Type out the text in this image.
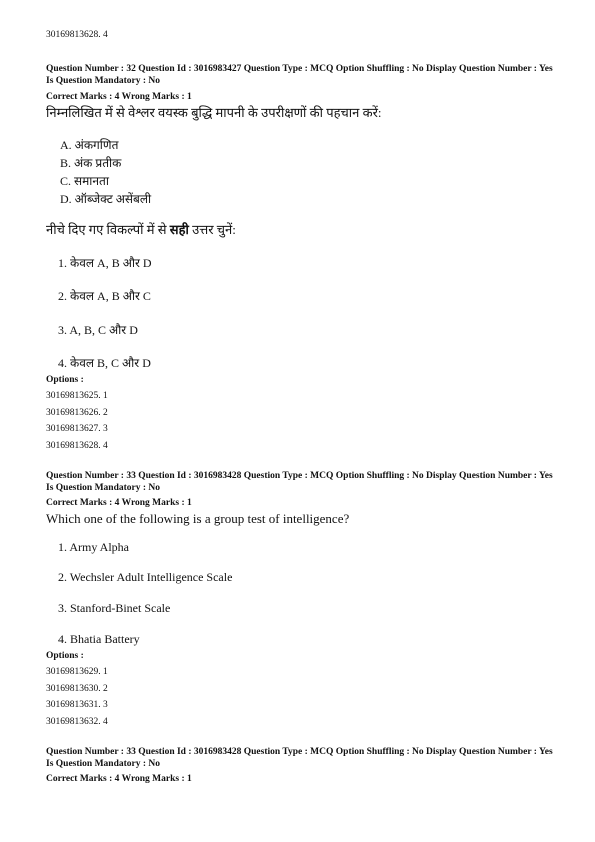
30169813628. 4
Question Number : 32 Question Id : 3016983427 Question Type : MCQ Option Shuffling : No Display Question Number : Yes Is Question Mandatory : No
Correct Marks : 4 Wrong Marks : 1
निम्नलिखित में से वेश्लर वयस्क बुद्धि मापनी के उपरीक्षणों की पहचान करें:
A. अंकगणित
B. अंक प्रतीक
C. समानता
D. ऑब्जेक्ट असेंबली
नीचे दिए गए विकल्पों में से सही उत्तर चुनें:
1. केवल A, B और D
2. केवल A, B और C
3. A, B, C और D
4. केवल B, C और D
Options :
30169813625. 1
30169813626. 2
30169813627. 3
30169813628. 4
Question Number : 33 Question Id : 3016983428 Question Type : MCQ Option Shuffling : No Display Question Number : Yes Is Question Mandatory : No
Correct Marks : 4 Wrong Marks : 1
Which one of the following is a group test of intelligence?
1. Army Alpha
2. Wechsler Adult Intelligence Scale
3. Stanford-Binet Scale
4. Bhatia Battery
Options :
30169813629. 1
30169813630. 2
30169813631. 3
30169813632. 4
Question Number : 33 Question Id : 3016983428 Question Type : MCQ Option Shuffling : No Display Question Number : Yes Is Question Mandatory : No
Correct Marks : 4 Wrong Marks : 1
